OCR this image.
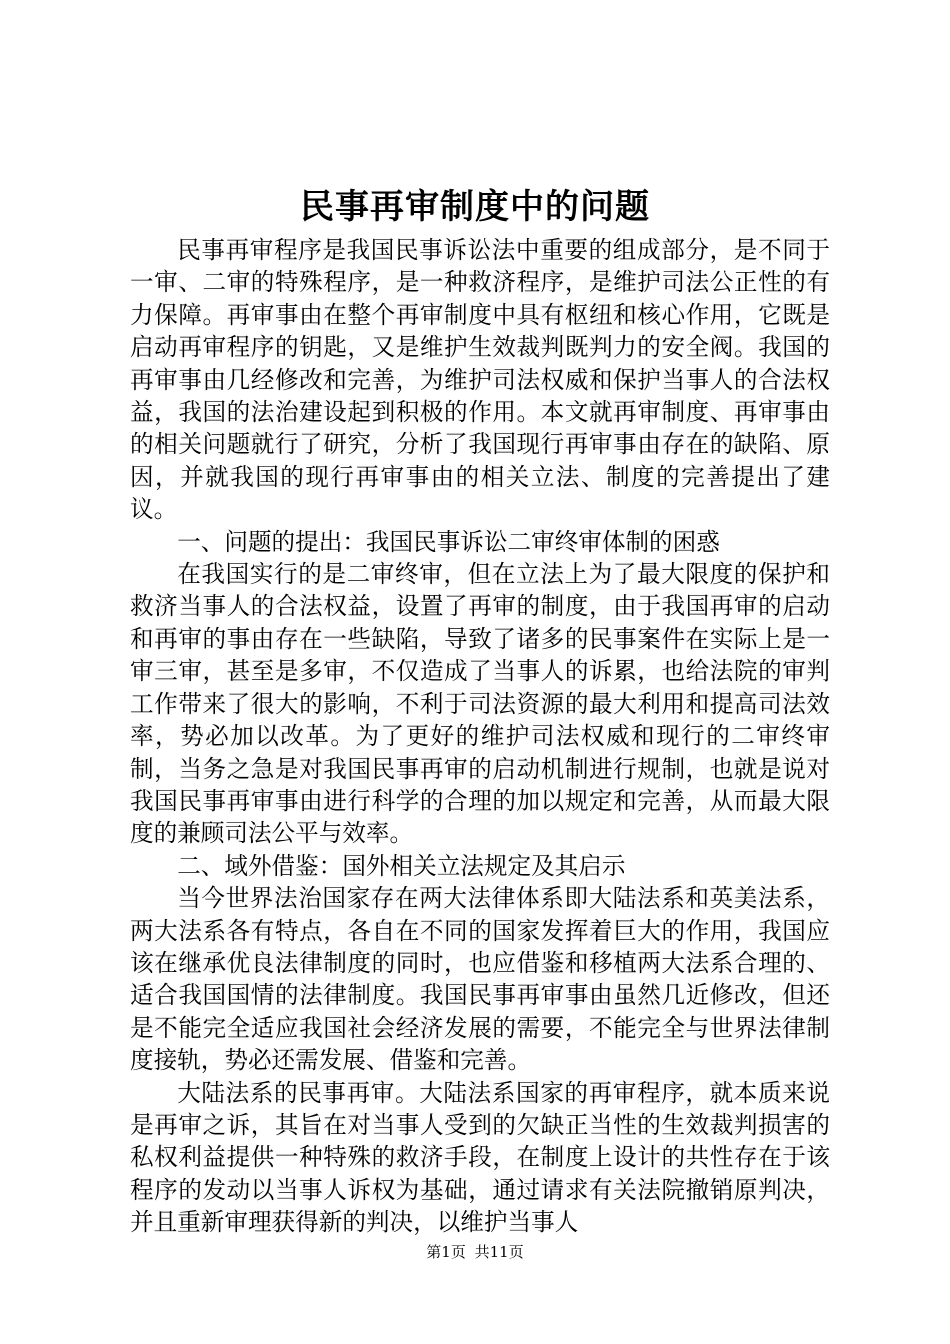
民事再审制度中的问题

民事再审程序是我国民事诉讼法中重要的组成部分，是不同于一审、二审的特殊程序，是一种救济程序，是维护司法公正性的有力保障。再审事由在整个再审制度中具有枢纽和核心作用，它既是启动再审程序的钥匙，又是维护生效裁判既判力的安全阀。我国的再审事由几经修改和完善，为维护司法权威和保护当事人的合法权益，我国的法治建设起到积极的作用。本文就再审制度、再审事由的相关问题就行了研究，分析了我国现行再审事由存在的缺陷、原因，并就我国的现行再审事由的相关立法、制度的完善提出了建议。

一、问题的提出：我国民事诉讼二审终审体制的困惑

在我国实行的是二审终审，但在立法上为了最大限度的保护和救济当事人的合法权益，设置了再审的制度，由于我国再审的启动和再审的事由存在一些缺陷，导致了诸多的民事案件在实际上是一审三审，甚至是多审，不仅造成了当事人的诉累，也给法院的审判工作带来了很大的影响，不利于司法资源的最大利用和提高司法效率，势必加以改革。为了更好的维护司法权威和现行的二审终审制，当务之急是对我国民事再审的启动机制进行规制，也就是说对我国民事再审事由进行科学的合理的加以规定和完善，从而最大限度的兼顾司法公平与效率。

二、域外借鉴：国外相关立法规定及其启示

当今世界法治国家存在两大法律体系即大陆法系和英美法系，两大法系各有特点，各自在不同的国家发挥着巨大的作用，我国应该在继承优良法律制度的同时，也应借鉴和移植两大法系合理的、适合我国国情的法律制度。我国民事再审事由虽然几近修改，但还是不能完全适应我国社会经济发展的需要，不能完全与世界法律制度接轨，势必还需发展、借鉴和完善。

大陆法系的民事再审。大陆法系国家的再审程序，就本质来说是再审之诉，其旨在对当事人受到的欠缺正当性的生效裁判损害的私权利益提供一种特殊的救济手段，在制度上设计的共性存在于该程序的发动以当事人诉权为基础，通过请求有关法院撤销原判决，并且重新审理获得新的判决，以维护当事人

第1页 共11页
